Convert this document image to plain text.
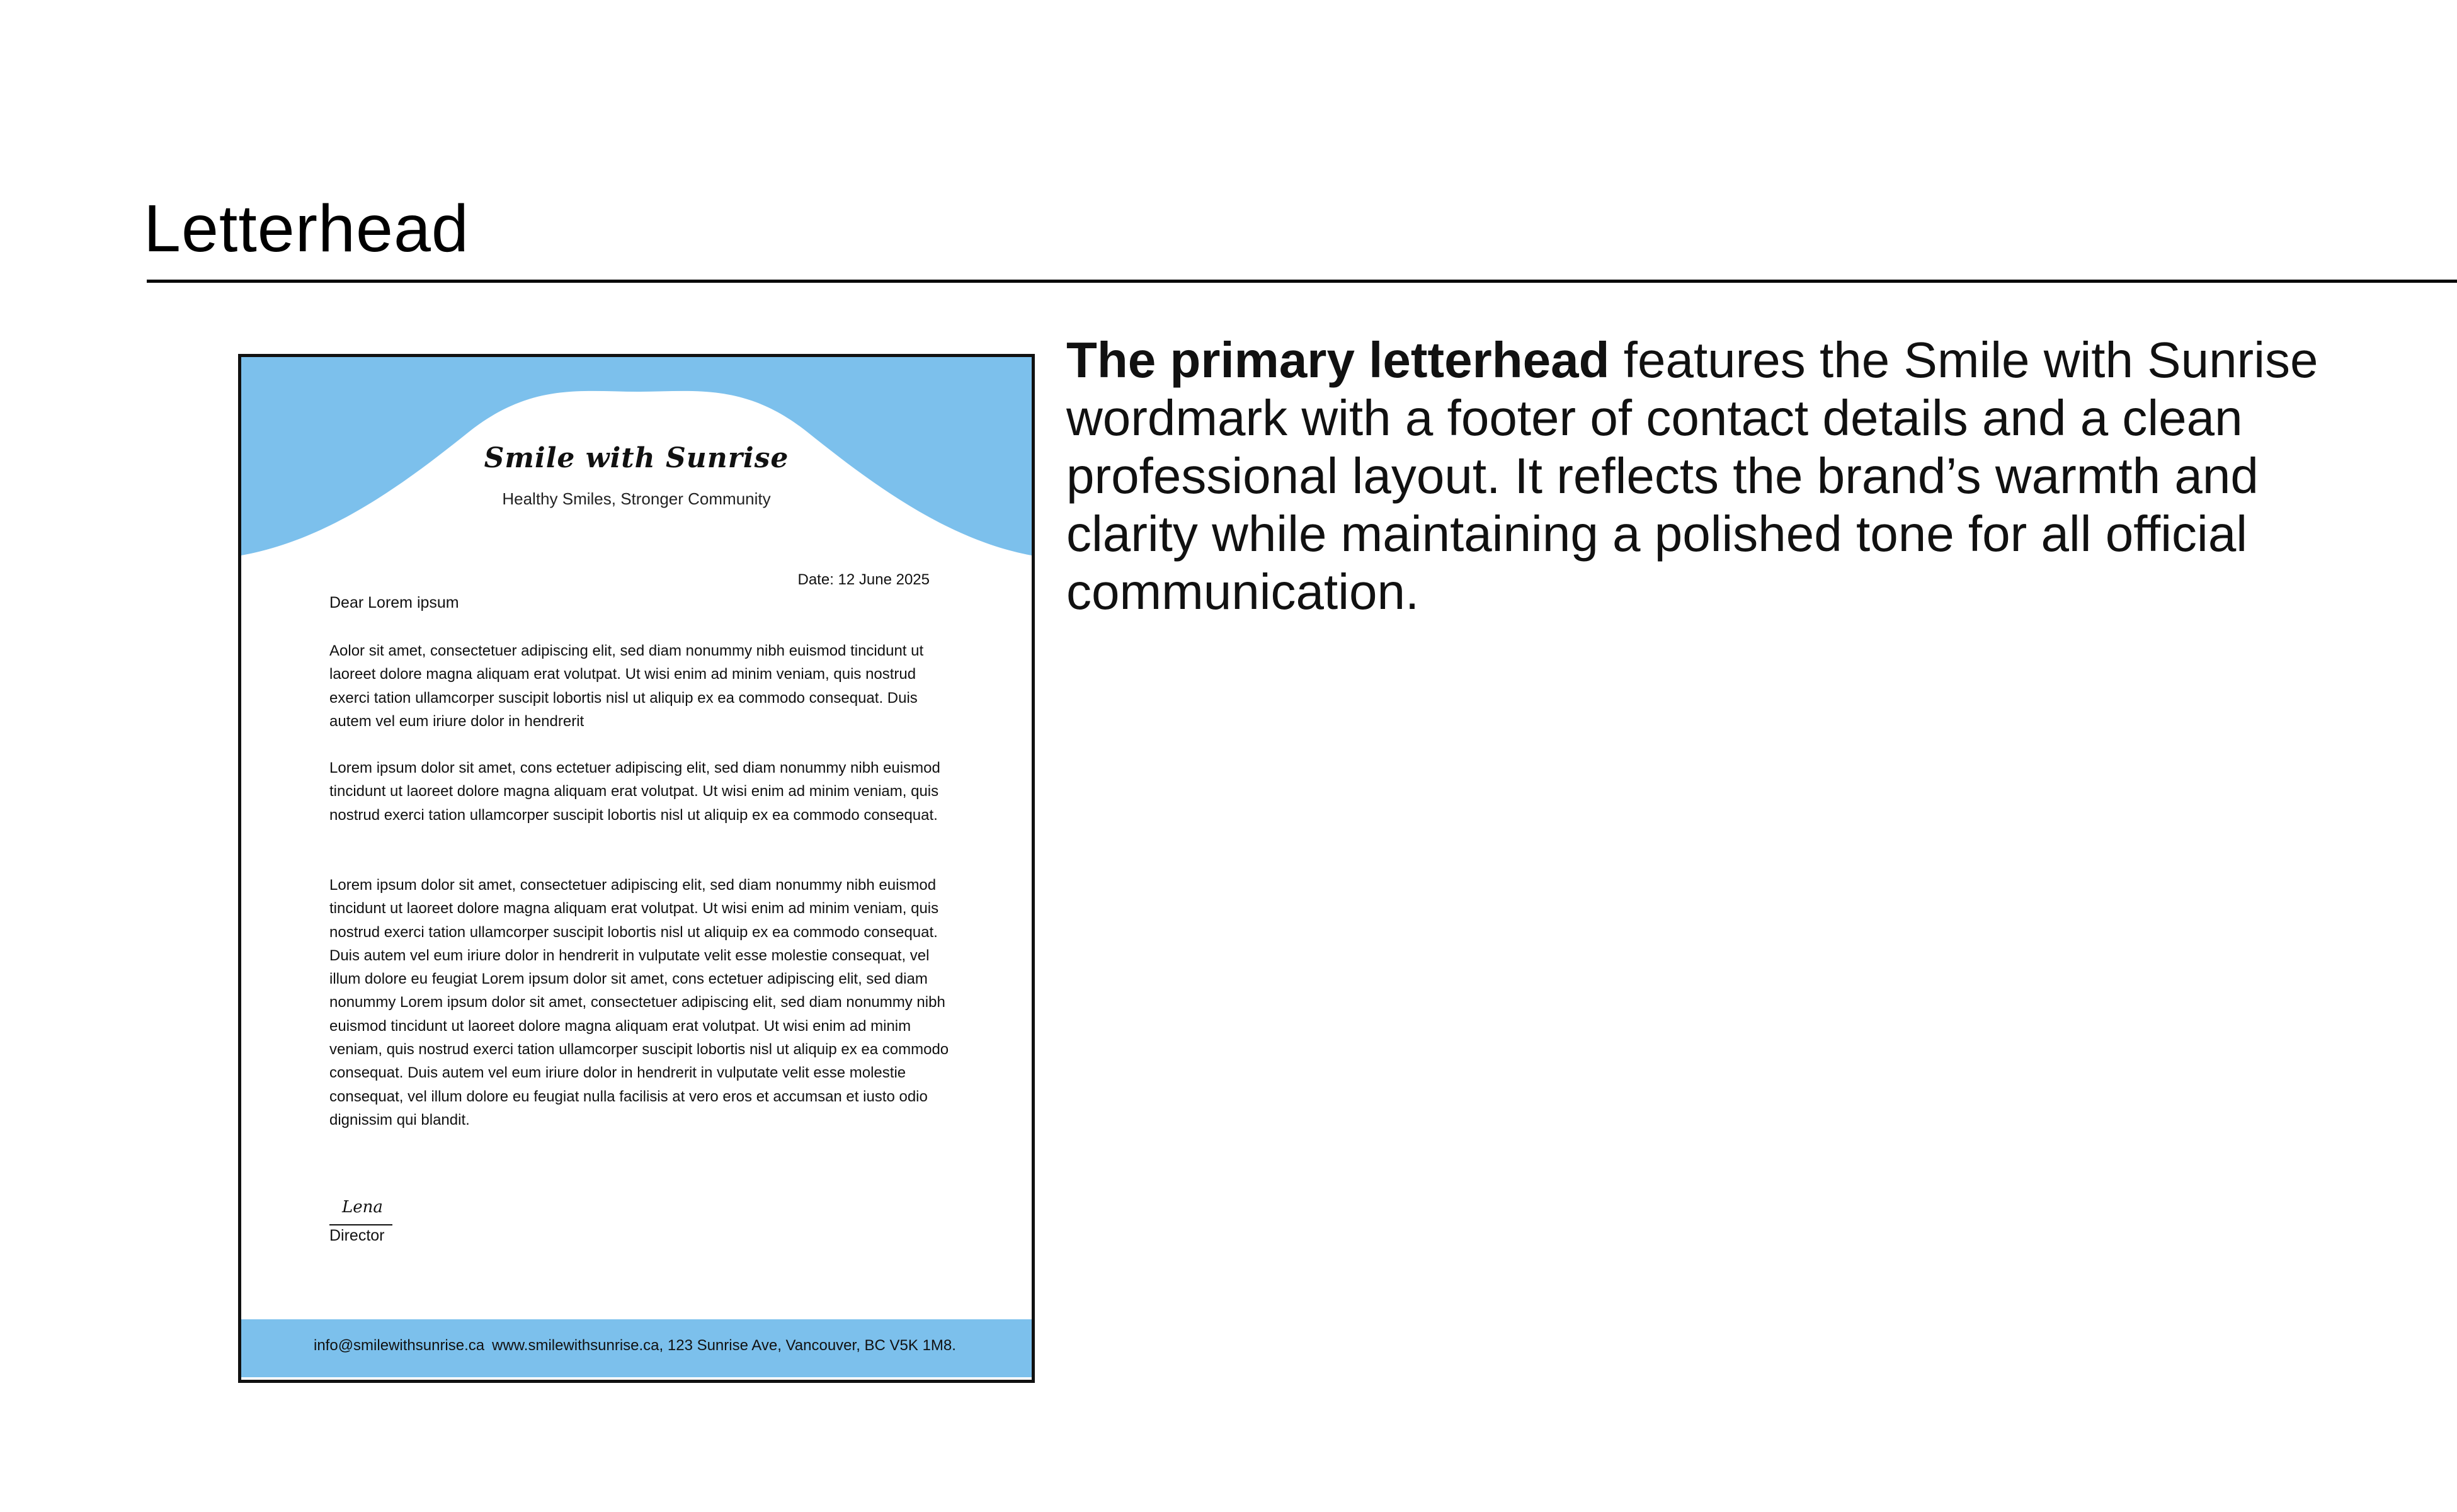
Letterhead
Smile with Sunrise
Healthy Smiles, Stronger Community
Date: 12 June 2025
Dear Lorem ipsum

Aolor sit amet, consectetuer adipiscing elit, sed diam nonummy nibh euismod tincidunt ut laoreet dolore magna aliquam erat volutpat. Ut wisi enim ad minim veniam, quis nostrud exerci tation ullamcorper suscipit lobortis nisl ut aliquip ex ea commodo consequat. Duis autem vel eum iriure dolor in hendrerit

Lorem ipsum dolor sit amet, cons ectetuer adipiscing elit, sed diam nonummy nibh euismod tincidunt ut laoreet dolore magna aliquam erat volutpat. Ut wisi enim ad minim veniam, quis nostrud exerci tation ullamcorper suscipit lobortis nisl ut aliquip ex ea commodo consequat.

Lorem ipsum dolor sit amet, consectetuer adipiscing elit, sed diam nonummy nibh euismod tincidunt ut laoreet dolore magna aliquam erat volutpat. Ut wisi enim ad minim veniam, quis nostrud exerci tation ullamcorper suscipit lobortis nisl ut aliquip ex ea commodo consequat. Duis autem vel eum iriure dolor in hendrerit in vulputate velit esse molestie consequat, vel illum dolore eu feugiat Lorem ipsum dolor sit amet, cons ectetuer adipiscing elit, sed diam nonummy Lorem ipsum dolor sit amet, consectetuer adipiscing elit, sed diam nonummy nibh euismod tincidunt ut laoreet dolore magna aliquam erat volutpat. Ut wisi enim ad minim veniam, quis nostrud exerci tation ullamcorper suscipit lobortis nisl ut aliquip ex ea commodo consequat. Duis autem vel eum iriure dolor in hendrerit in vulputate velit esse molestie consequat, vel illum dolore eu feugiat nulla facilisis at vero eros et accumsan et iusto odio dignissim qui blandit.

Lena
Director
info@smilewithsunrise.ca www.smilewithsunrise.ca, 123 Sunrise Ave, Vancouver, BC V5K 1M8.

The primary letterhead features the Smile with Sunrise wordmark with a footer of contact details and a clean professional layout. It reflects the brand’s warmth and clarity while maintaining a polished tone for all official communication.
